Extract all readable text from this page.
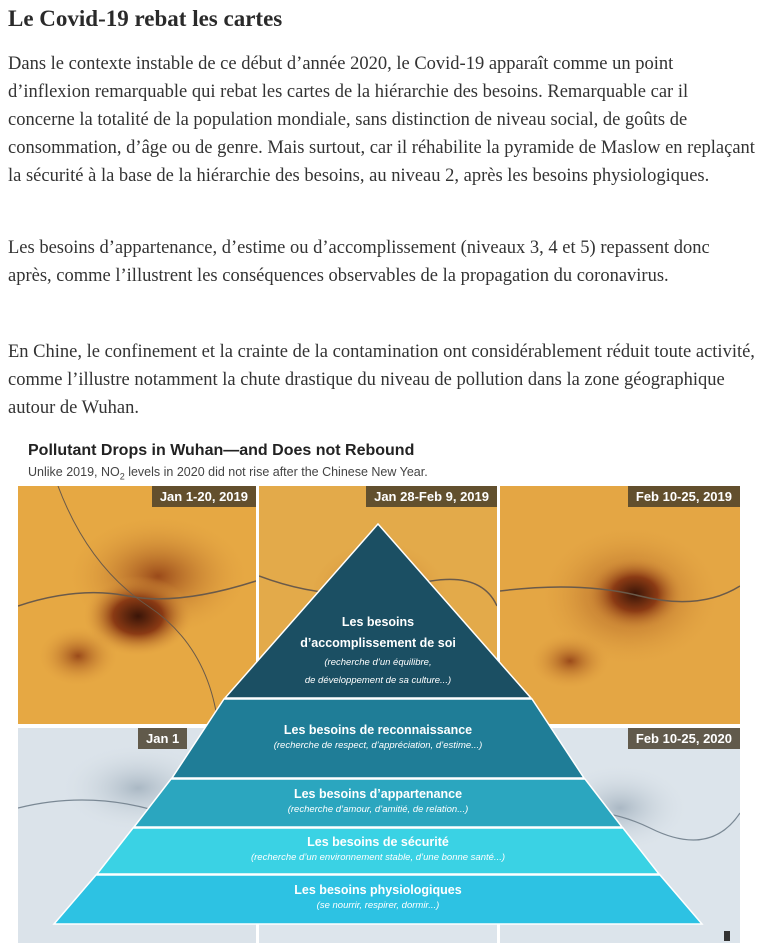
Le Covid-19 rebat les cartes

Dans le contexte instable de ce début d’année 2020, le Covid-19 apparaît comme un point d’inflexion remarquable qui rebat les cartes de la hiérarchie des besoins. Remarquable car il concerne la totalité de la population mondiale, sans distinction de niveau social, de goûts de consommation, d’âge ou de genre. Mais surtout, car il réhabilite la pyramide de Maslow en replaçant la sécurité à la base de la hiérarchie des besoins, au niveau 2, après les besoins physiologiques.

Les besoins d’appartenance, d’estime ou d’accomplissement (niveaux 3, 4 et 5) repassent donc après, comme l’illustrent les conséquences observables de la propagation du coronavirus.

En Chine, le confinement et la crainte de la contamination ont considérablement réduit toute activité, comme l’illustre notamment la chute drastique du niveau de pollution dans la zone géographique autour de Wuhan.

Pollutant Drops in Wuhan—and Does not Rebound
Unlike 2019, $NO_2$ levels in 2020 did not rise after the Chinese New Year.
Jan 1-20, 2019	Jan 28-Feb 9, 2019	Feb 10-25, 2019
Jan 1	Feb 10-25, 2020
Les besoins
d’accomplissement de soi
(recherche d’un équilibre,
de développement de sa culture...)
Les besoins de reconnaissance
(recherche de respect, d’appréciation, d’estime...)
Les besoins d’appartenance
(recherche d’amour, d’amitié, de relation...)
Les besoins de sécurité
(recherche d’un environnement stable, d’une bonne santé...)
Les besoins physiologiques
(se nourrir, respirer, dormir...)
